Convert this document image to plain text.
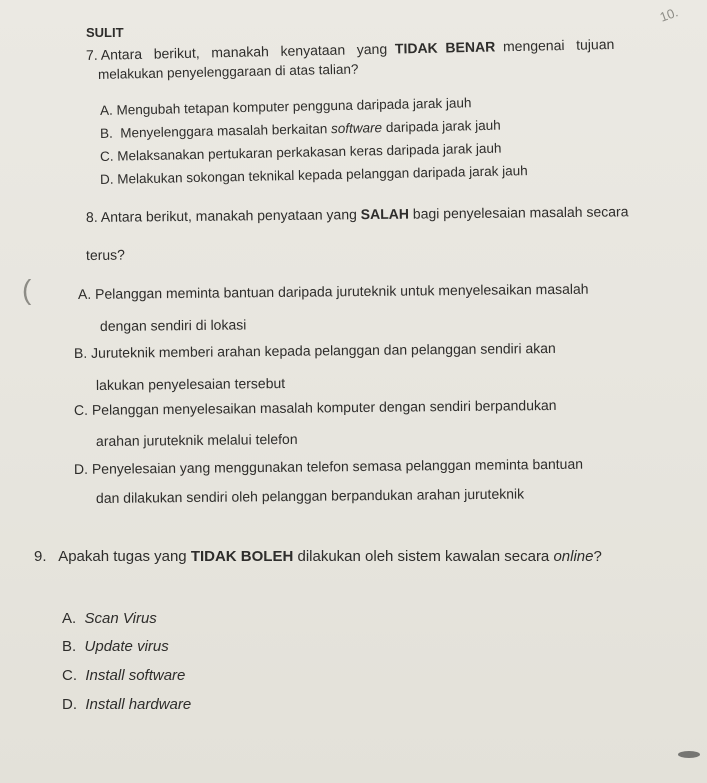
SULIT
10.
7. Antara   berikut,   manakah   kenyataan   yang  TIDAK  BENAR  mengenai   tujuan
melakukan penyelenggaraan di atas talian?
A. Mengubah tetapan komputer pengguna daripada jarak jauh
B.  Menyelenggara masalah berkaitan software daripada jarak jauh
C. Melaksanakan pertukaran perkakasan keras daripada jarak jauh
D. Melakukan sokongan teknikal kepada pelanggan daripada jarak jauh
8. Antara berikut, manakah penyataan yang SALAH bagi penyelesaian masalah secara
terus?
(	A. Pelanggan meminta bantuan daripada juruteknik untuk menyelesaikan masalah
dengan sendiri di lokasi
B. Juruteknik memberi arahan kepada pelanggan dan pelanggan sendiri akan
lakukan penyelesaian tersebut
C. Pelanggan menyelesaikan masalah komputer dengan sendiri berpandukan
arahan juruteknik melalui telefon
D. Penyelesaian yang menggunakan telefon semasa pelanggan meminta bantuan
dan dilakukan sendiri oleh pelanggan berpandukan arahan juruteknik
9. Apakah tugas yang TIDAK BOLEH dilakukan oleh sistem kawalan secara online?
A. Scan Virus
B. Update virus
C. Install software
D. Install hardware
